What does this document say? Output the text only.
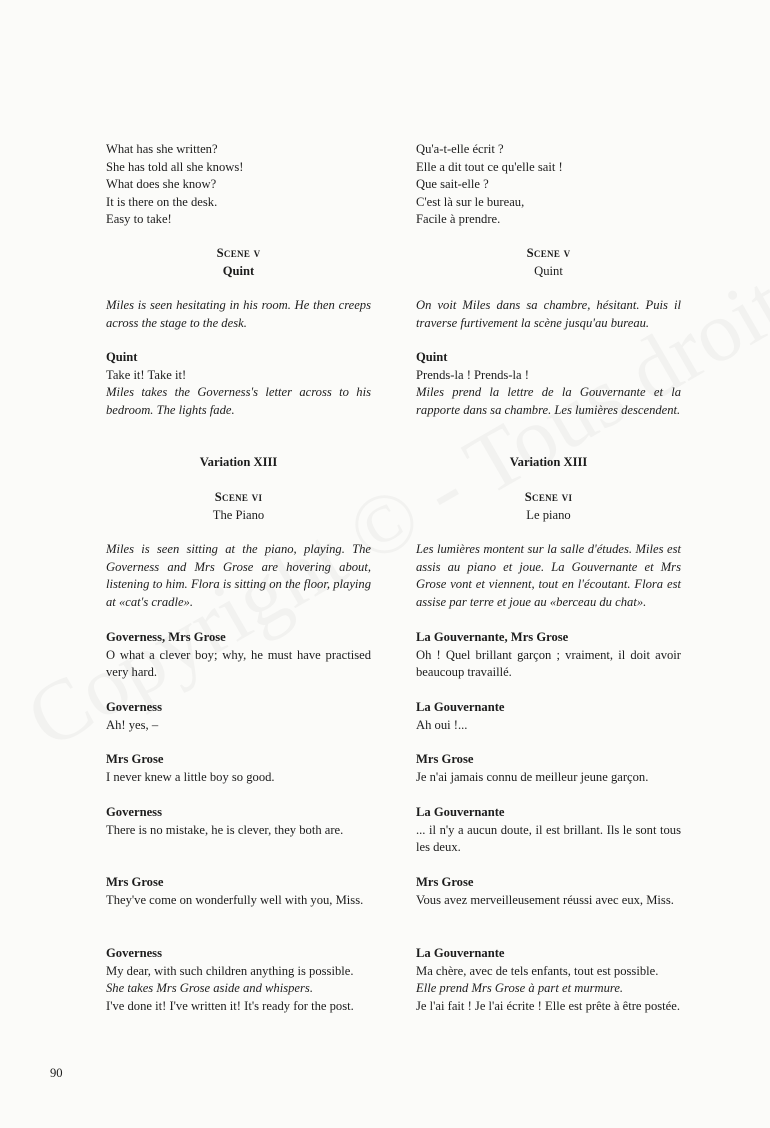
What has she written?
She has told all she knows!
What does she know?
It is there on the desk.
Easy to take!
Scene v
Quint
Miles is seen hesitating in his room. He then creeps across the stage to the desk.
Quint
Take it! Take it!
Miles takes the Governess's letter across to his bedroom. The lights fade.
Variation XIII
Scene vi
The Piano
Miles is seen sitting at the piano, playing. The Governess and Mrs Grose are hovering about, listening to him. Flora is sitting on the floor, playing at «cat's cradle».
Governess, Mrs Grose
O what a clever boy; why, he must have practised very hard.
Governess
Ah! yes, –
Mrs Grose
I never knew a little boy so good.
Governess
There is no mistake, he is clever, they both are.
Mrs Grose
They've come on wonderfully well with you, Miss.
Governess
My dear, with such children anything is possible.
She takes Mrs Grose aside and whispers.
I've done it! I've written it! It's ready for the post.
Qu'a-t-elle écrit ?
Elle a dit tout ce qu'elle sait !
Que sait-elle ?
C'est là sur le bureau,
Facile à prendre.
Scene v
Quint
On voit Miles dans sa chambre, hésitant. Puis il traverse furtivement la scène jusqu'au bureau.
Quint
Prends-la ! Prends-la !
Miles prend la lettre de la Gouvernante et la rapporte dans sa chambre. Les lumières descendent.
Variation XIII
Scene vi
Le piano
Les lumières montent sur la salle d'études. Miles est assis au piano et joue. La Gouvernante et Mrs Grose vont et viennent, tout en l'écoutant. Flora est assise par terre et joue au «berceau du chat».
La Gouvernante, Mrs Grose
Oh ! Quel brillant garçon ; vraiment, il doit avoir beaucoup travaillé.
La Gouvernante
Ah oui !...
Mrs Grose
Je n'ai jamais connu de meilleur jeune garçon.
La Gouvernante
... il n'y a aucun doute, il est brillant. Ils le sont tous les deux.
Mrs Grose
Vous avez merveilleusement réussi avec eux, Miss.
La Gouvernante
Ma chère, avec de tels enfants, tout est possible.
Elle prend Mrs Grose à part et murmure.
Je l'ai fait ! Je l'ai écrite ! Elle est prête à être postée.
90
